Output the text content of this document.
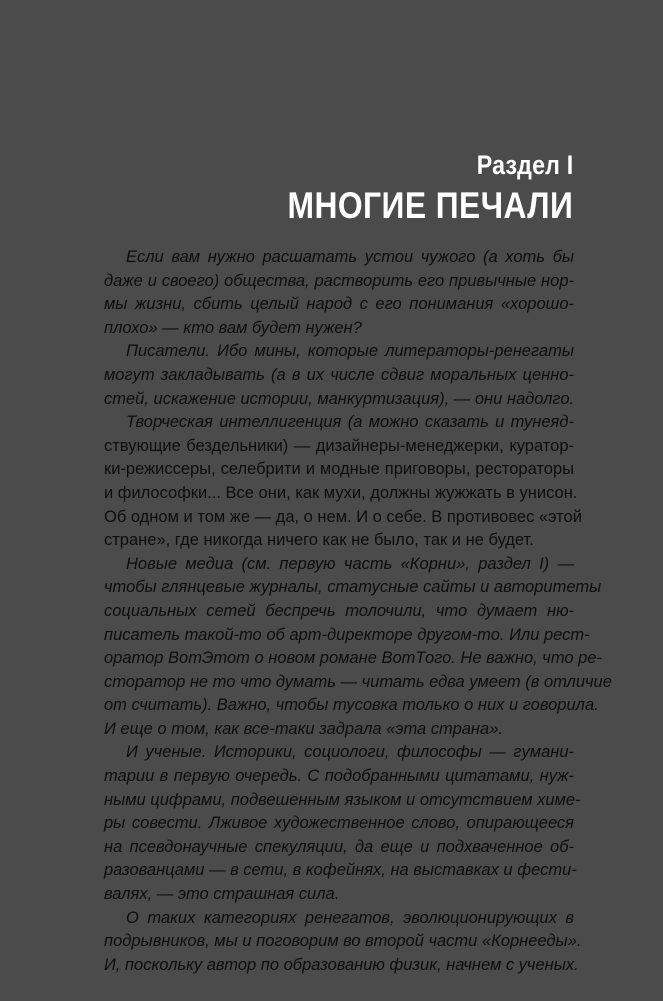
Раздел I
МНОГИЕ ПЕЧАЛИ
Если вам нужно расшатать устои чужого (а хоть бы
даже и своего) общества, растворить его привычные нор-
мы жизни, сбить целый народ с его понимания «хорошо-
плохо» — кто вам будет нужен?
Писатели. Ибо мины, которые литераторы-ренегаты
могут закладывать (а в их числе сдвиг моральных ценно-
стей, искажение истории, манкуртизация), — они надолго.
Творческая интеллигенция (а можно сказать и тунеяд-
ствующие бездельники) — дизайнеры-менеджерки, куратор-
ки-режиссеры, селебрити и модные приговоры, рестораторы
и философки... Все они, как мухи, должны жужжать в унисон.
Об одном и том же — да, о нем. И о себе. В противовес «этой
стране», где никогда ничего как не было, так и не будет.
Новые медиа (см. первую часть «Корни», раздел I) —
чтобы глянцевые журналы, статусные сайты и авторитеты
социальных сетей беспречь толочили, что думает ню-
писатель такой-то об арт-директоре другом-то. Или рест-
оратор ВотЭтот о новом романе ВотТого. Не важно, что ре-
сторатор не то что думать — читать едва умеет (в отличие
от считать). Важно, чтобы тусовка только о них и говорила.
И еще о том, как все-таки задрала «эта страна».
И ученые. Историки, социологи, философы — гумани-
тарии в первую очередь. С подобранными цитатами, нуж-
ными цифрами, подвешенным языком и отсутствием химе-
ры совести. Лживое художественное слово, опирающееся
на псевдонаучные спекуляции, да еще и подхваченное об-
разованцами — в сети, в кофейнях, на выставках и фести-
валях, — это страшная сила.
О таких категориях ренегатов, эволюционирующих в
подрывников, мы и поговорим во второй части «Корнееды».
И, поскольку автор по образованию физик, начнем с ученых.
